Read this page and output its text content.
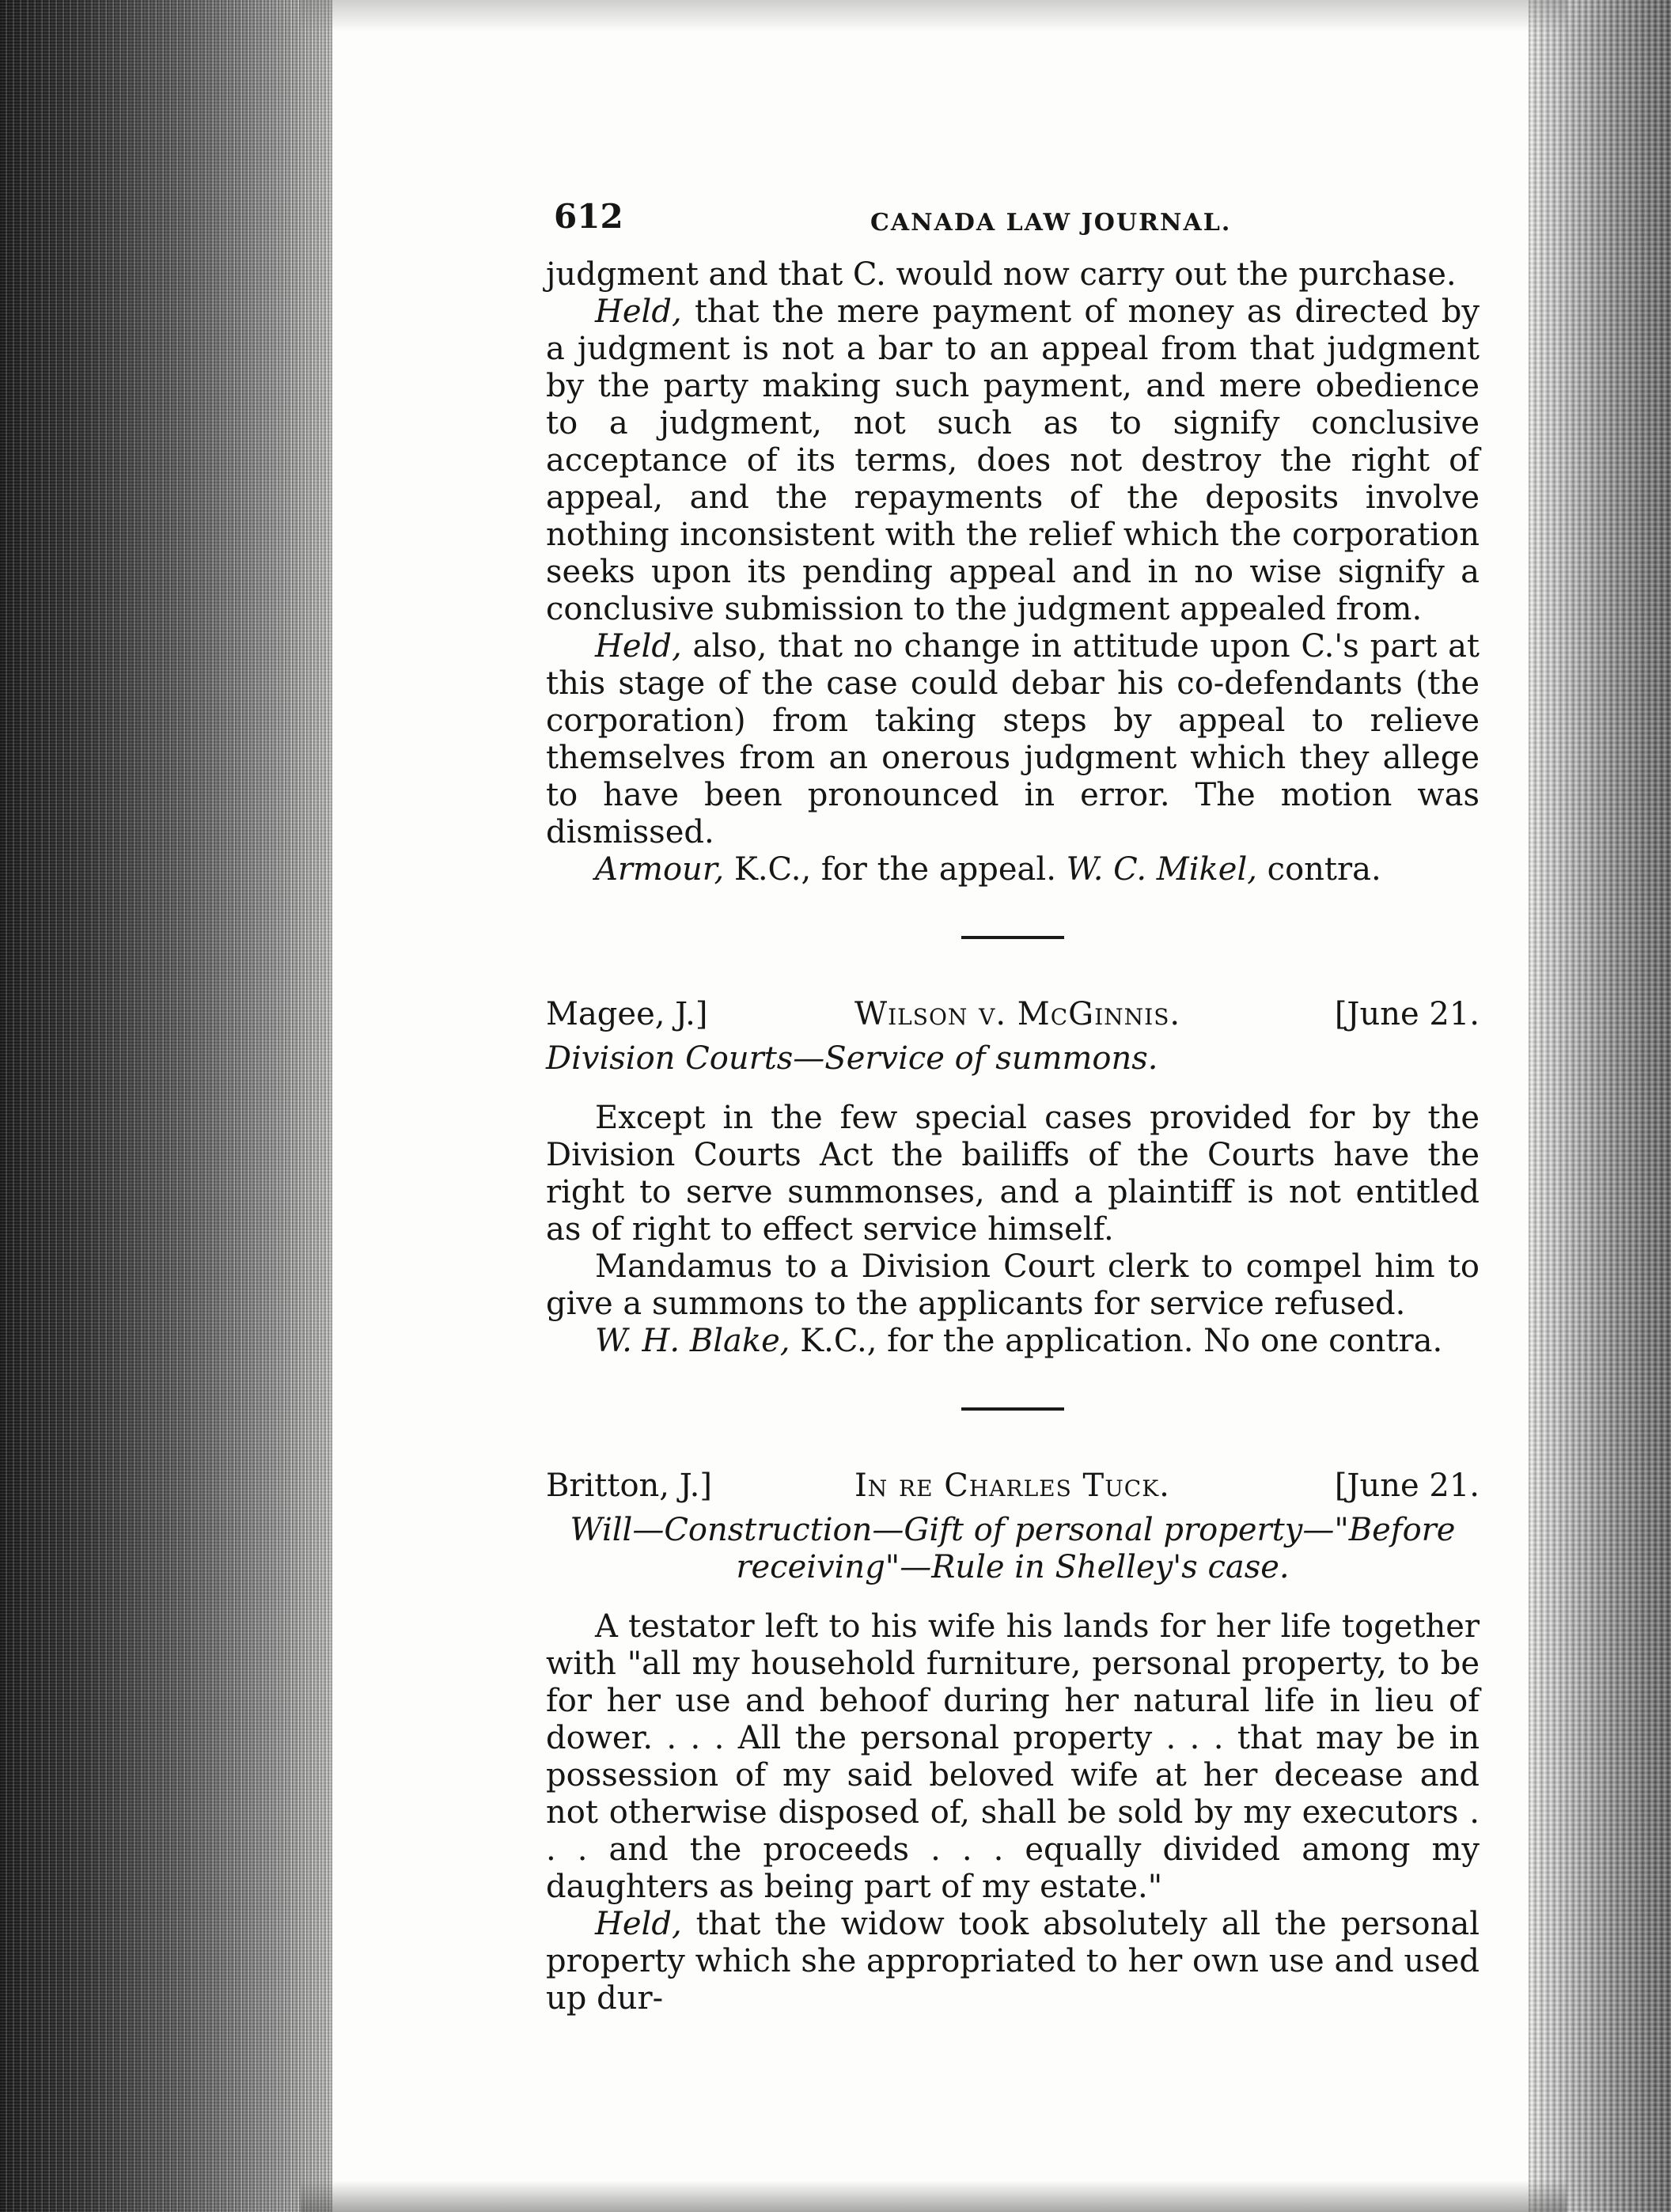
612	CANADA LAW JOURNAL.

judgment and that C. would now carry out the purchase.

Held, that the mere payment of money as directed by a judgment is not a bar to an appeal from that judgment by the party making such payment, and mere obedience to a judgment, not such as to signify conclusive acceptance of its terms, does not destroy the right of appeal, and the repayments of the deposits involve nothing inconsistent with the relief which the corporation seeks upon its pending appeal and in no wise signify a conclusive submission to the judgment appealed from.

Held, also, that no change in attitude upon C.'s part at this stage of the case could debar his co-defendants (the corporation) from taking steps by appeal to relieve themselves from an onerous judgment which they allege to have been pronounced in error. The motion was dismissed.

Armour, K.C., for the appeal. W. C. Mikel, contra.

Magee, J.]	Wilson v. McGinnis.	[June 21.

Division Courts—Service of summons.

Except in the few special cases provided for by the Division Courts Act the bailiffs of the Courts have the right to serve summonses, and a plaintiff is not entitled as of right to effect service himself.

Mandamus to a Division Court clerk to compel him to give a summons to the applicants for service refused.

W. H. Blake, K.C., for the application. No one contra.

Britton, J.]	In re Charles Tuck.	[June 21.

Will—Construction—Gift of personal property—"Before receiving"—Rule in Shelley's case.

A testator left to his wife his lands for her life together with "all my household furniture, personal property, to be for her use and behoof during her natural life in lieu of dower. . . . All the personal property . . . that may be in possession of my said beloved wife at her decease and not otherwise disposed of, shall be sold by my executors . . . and the proceeds . . . equally divided among my daughters as being part of my estate."

Held, that the widow took absolutely all the personal property which she appropriated to her own use and used up dur-
